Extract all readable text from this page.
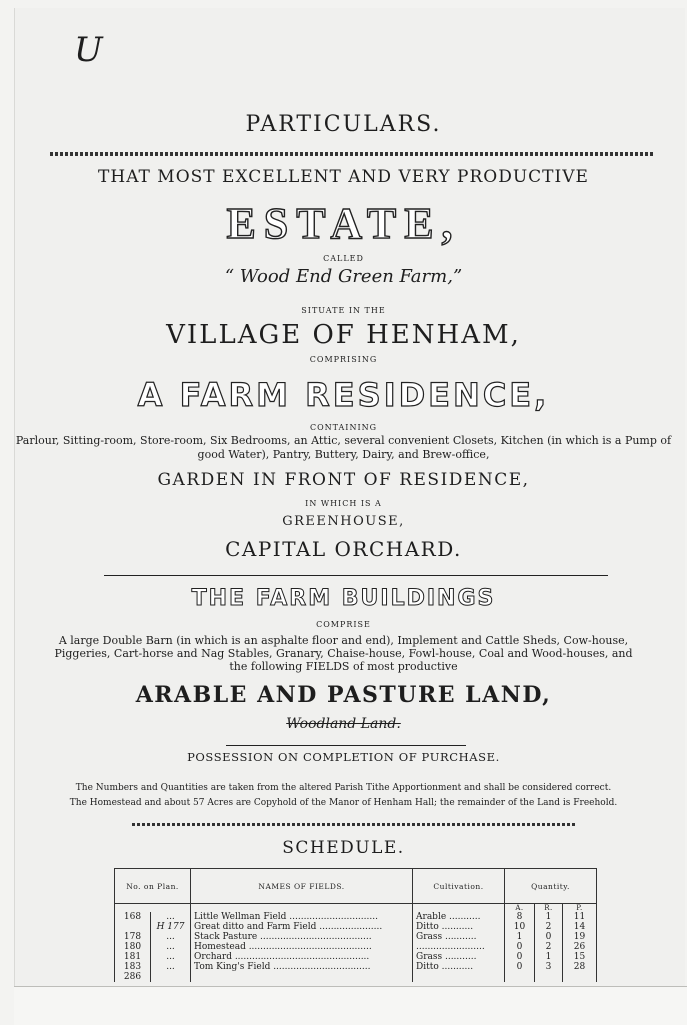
U
PARTICULARS.
THAT MOST EXCELLENT AND VERY PRODUCTIVE
ESTATE,
CALLED
“ Wood End Green Farm,”
SITUATE IN THE
VILLAGE OF HENHAM,
COMPRISING
A FARM RESIDENCE,
CONTAINING
Parlour, Sitting-room, Store-room, Six Bedrooms, an Attic, several convenient Closets, Kitchen (in which is a Pump of good Water), Pantry, Buttery, Dairy, and Brew-office,
GARDEN IN FRONT OF RESIDENCE,
IN WHICH IS A
GREENHOUSE,
CAPITAL ORCHARD.
THE FARM BUILDINGS
COMPRISE
A large Double Barn (in which is an asphalte floor and end), Implement and Cattle Sheds, Cow-house, Piggeries, Cart-horse and Nag Stables, Granary, Chaise-house, Fowl-house, Coal and Wood-houses, and the following FIELDS of most productive
ARABLE AND PASTURE LAND,
Woodland Land.
POSSESSION ON COMPLETION OF PURCHASE.
The Numbers and Quantities are taken from the altered Parish Tithe Apportionment and shall be considered correct.
The Homestead and about 57 Acres are Copyhold of the Manor of Henham Hall; the remainder of the Land is Freehold.
SCHEDULE.
No. on Plan.		NAMES OF FIELDS.	Cultivation.	Quantity.		
				A.	R.	P.
168	...	Little Wellman Field ...............................	Arable ...........	8	1	11
	H 177	Great ditto and Farm Field ......................	Ditto ...........	10	2	14
178	...	Stack Pasture .......................................	Grass ...........	1	0	19
180	...	Homestead ...........................................	........................	0	2	26
181	...	Orchard ...............................................	Grass ...........	0	1	15
183	...	Tom King's Field ..................................	Ditto ...........	0	3	28
286						
